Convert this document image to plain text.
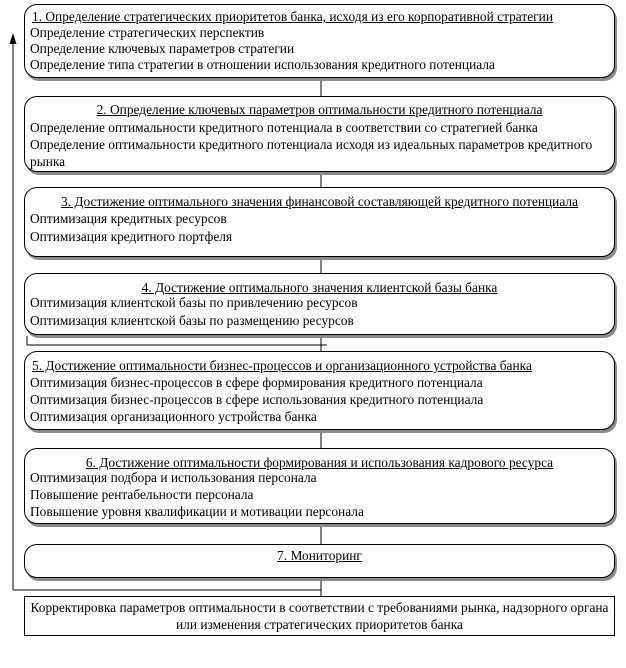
1. Определение стратегических приоритетов банка, исходя из его корпоративной стратегии
Определение стратегических перспектив
Определение ключевых параметров стратегии
Определение типа стратегии в отношении использования кредитного потенциала
2. Определение ключевых параметров оптимальности кредитного потенциала
Определение оптимальности кредитного потенциала в соответствии со стратегией банка
Определение оптимальности кредитного потенциала исходя из идеальных параметров кредитного рынка
3. Достижение оптимального значения финансовой составляющей кредитного потенциала
Оптимизация кредитных ресурсов
Оптимизация кредитного портфеля
4. Достижение оптимального значения клиентской базы банка
Оптимизация клиентской базы по привлечению ресурсов
Оптимизация клиентской базы по размещению ресурсов
5. Достижение оптимальности бизнес-процессов и организационного устройства банка
Оптимизация бизнес-процессов в сфере формирования кредитного потенциала
Оптимизация бизнес-процессов в сфере использования кредитного потенциала
Оптимизация организационного устройства банка
6. Достижение оптимальности формирования и использования кадрового ресурса
Оптимизация подбора и использования персонала
Повышение рентабельности персонала
Повышение уровня квалификации и мотивации персонала
7. Мониторинг
Корректировка параметров оптимальности в соответствии с требованиями рынка, надзорного органа или изменения стратегических приоритетов банка
